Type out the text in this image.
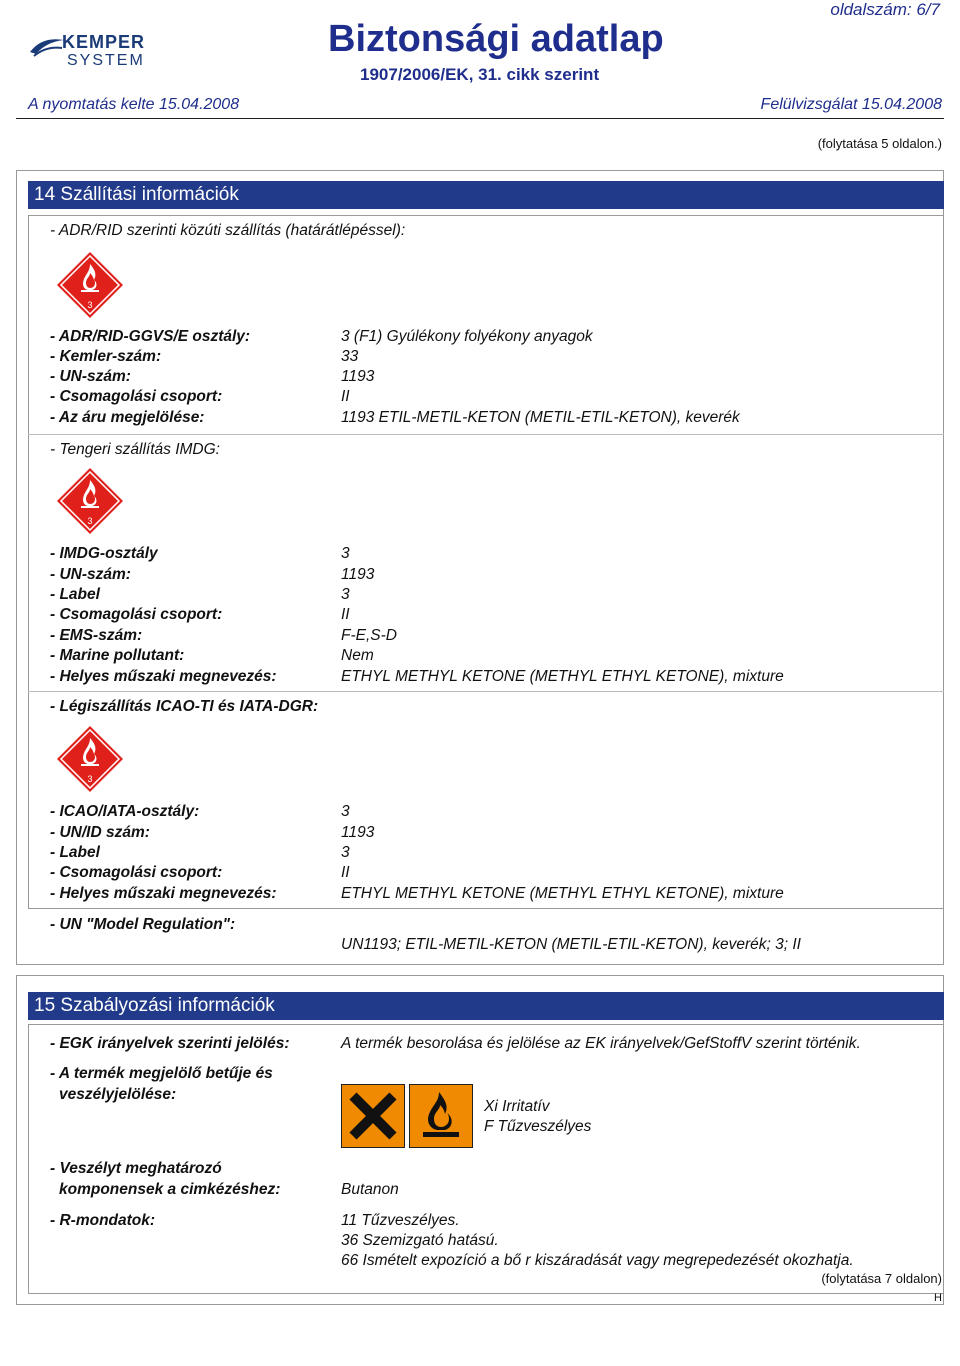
KEMPER
SYSTEM
Biztonsági adatlap
1907/2006/EK, 31. cikk szerint
oldalszám: 6/7
A nyomtatás kelte 15.04.2008	Felülvizsgálat 15.04.2008
(folytatása 5 oldalon.)
14 Szállítási információk
- ADR/RID szerinti közúti szállítás (határátlépéssel):
3
- ADR/RID-GGVS/E osztály:	3 (F1) Gyúlékony folyékony anyagok
- Kemler-szám:	33
- UN-szám:	1193
- Csomagolási csoport:	II
- Az áru megjelölése:	1193 ETIL-METIL-KETON (METIL-ETIL-KETON), keverék
- Tengeri szállítás IMDG:
3
- IMDG-osztály	3
- UN-szám:	1193
- Label	3
- Csomagolási csoport:	II
- EMS-szám:	F-E,S-D
- Marine pollutant:	Nem
- Helyes műszaki megnevezés:	ETHYL METHYL KETONE (METHYL ETHYL KETONE), mixture
- Légiszállítás ICAO-TI és IATA-DGR:
3
- ICAO/IATA-osztály:	3
- UN/ID szám:	1193
- Label	3
- Csomagolási csoport:	II
- Helyes műszaki megnevezés:	ETHYL METHYL KETONE (METHYL ETHYL KETONE), mixture
- UN "Model Regulation":
UN1193; ETIL-METIL-KETON (METIL-ETIL-KETON), keverék; 3; II
15 Szabályozási információk
- EGK irányelvek szerinti jelölés:	A termék besorolása és jelölése az EK irányelvek/GefStoffV szerint történik.
- A termék megjelölő betűje és
veszélyjelölése:
Xi Irritatív
F Tűzveszélyes
- Veszélyt meghatározó
komponensek a cimkézéshez:	Butanon
- R-mondatok:	11 Tűzveszélyes.
36 Szemizgató hatású.
66 Ismételt expozíció a bő r kiszáradását vagy megrepedezését okozhatja.
(folytatása 7 oldalon)
H
